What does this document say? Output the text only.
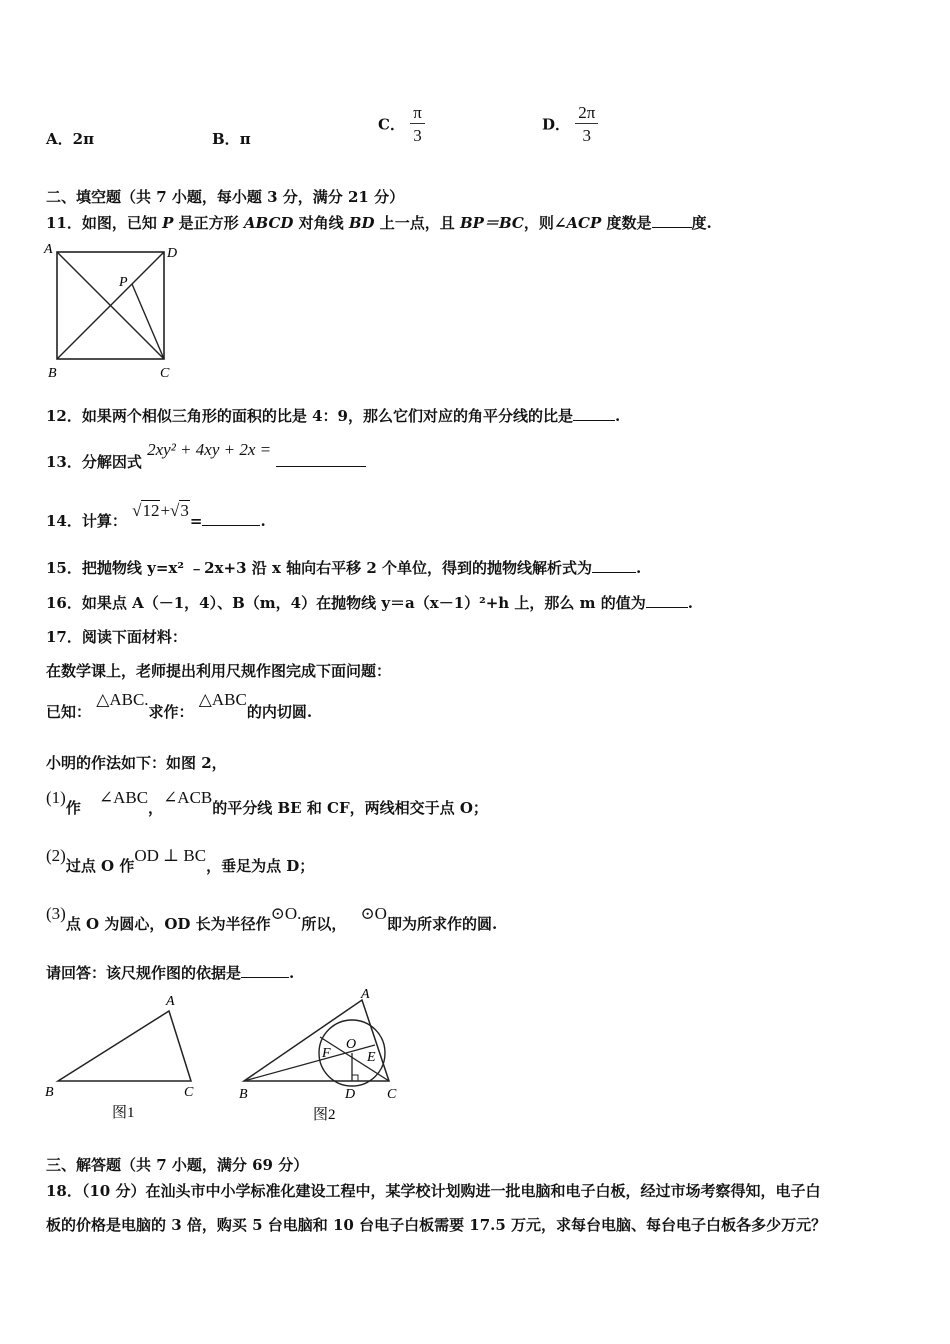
A．2π	B．π
C． $\frac{\pi}{3}$	D． $\frac{2\pi}{3}$
二、填空题（共 7 小题，每小题 3 分，满分 21 分）
11．如图，已知 P 是正方形 ABCD 对角线 BD 上一点，且 BP＝BC，则∠ACP 度数是	度.
A	D
P
B	C
12．如果两个相似三角形的面积的比是 4：9，那么它们对应的角平分线的比是	.
13．分解因式 2xy² + 4xy + 2x =
14．计算： √12+√3=	.
15．把抛物线 y=x² ﹣2x+3 沿 x 轴向右平移 2 个单位，得到的抛物线解析式为	.
16．如果点 A（－1，4）、B（m，4）在抛物线 y＝a（x－1）²+h 上，那么 m 的值为	.
17．阅读下面材料：
在数学课上，老师提出利用尺规作图完成下面问题：
已知： △ABC.求作： △ABC的内切圆.
小明的作法如下：如图 2，
(1)作∠ABC，∠ACB的平分线 BE 和 CF，两线相交于点 O；
(2)过点 O 作OD ⊥ BC，垂足为点 D；
(3)点 O 为圆心，OD 长为半径作⊙O.所以，⊙O即为所求作的圆.
请回答：该尺规作图的依据是	.
A
B	C
图1
A
F
O
E
B	D C
图2
三、解答题（共 7 小题，满分 69 分）
18．（10 分）在汕头市中小学标准化建设工程中，某学校计划购进一批电脑和电子白板，经过市场考察得知，电子白
板的价格是电脑的 3 倍，购买 5 台电脑和 10 台电子白板需要 17.5 万元，求每台电脑、每台电子白板各多少万元？
